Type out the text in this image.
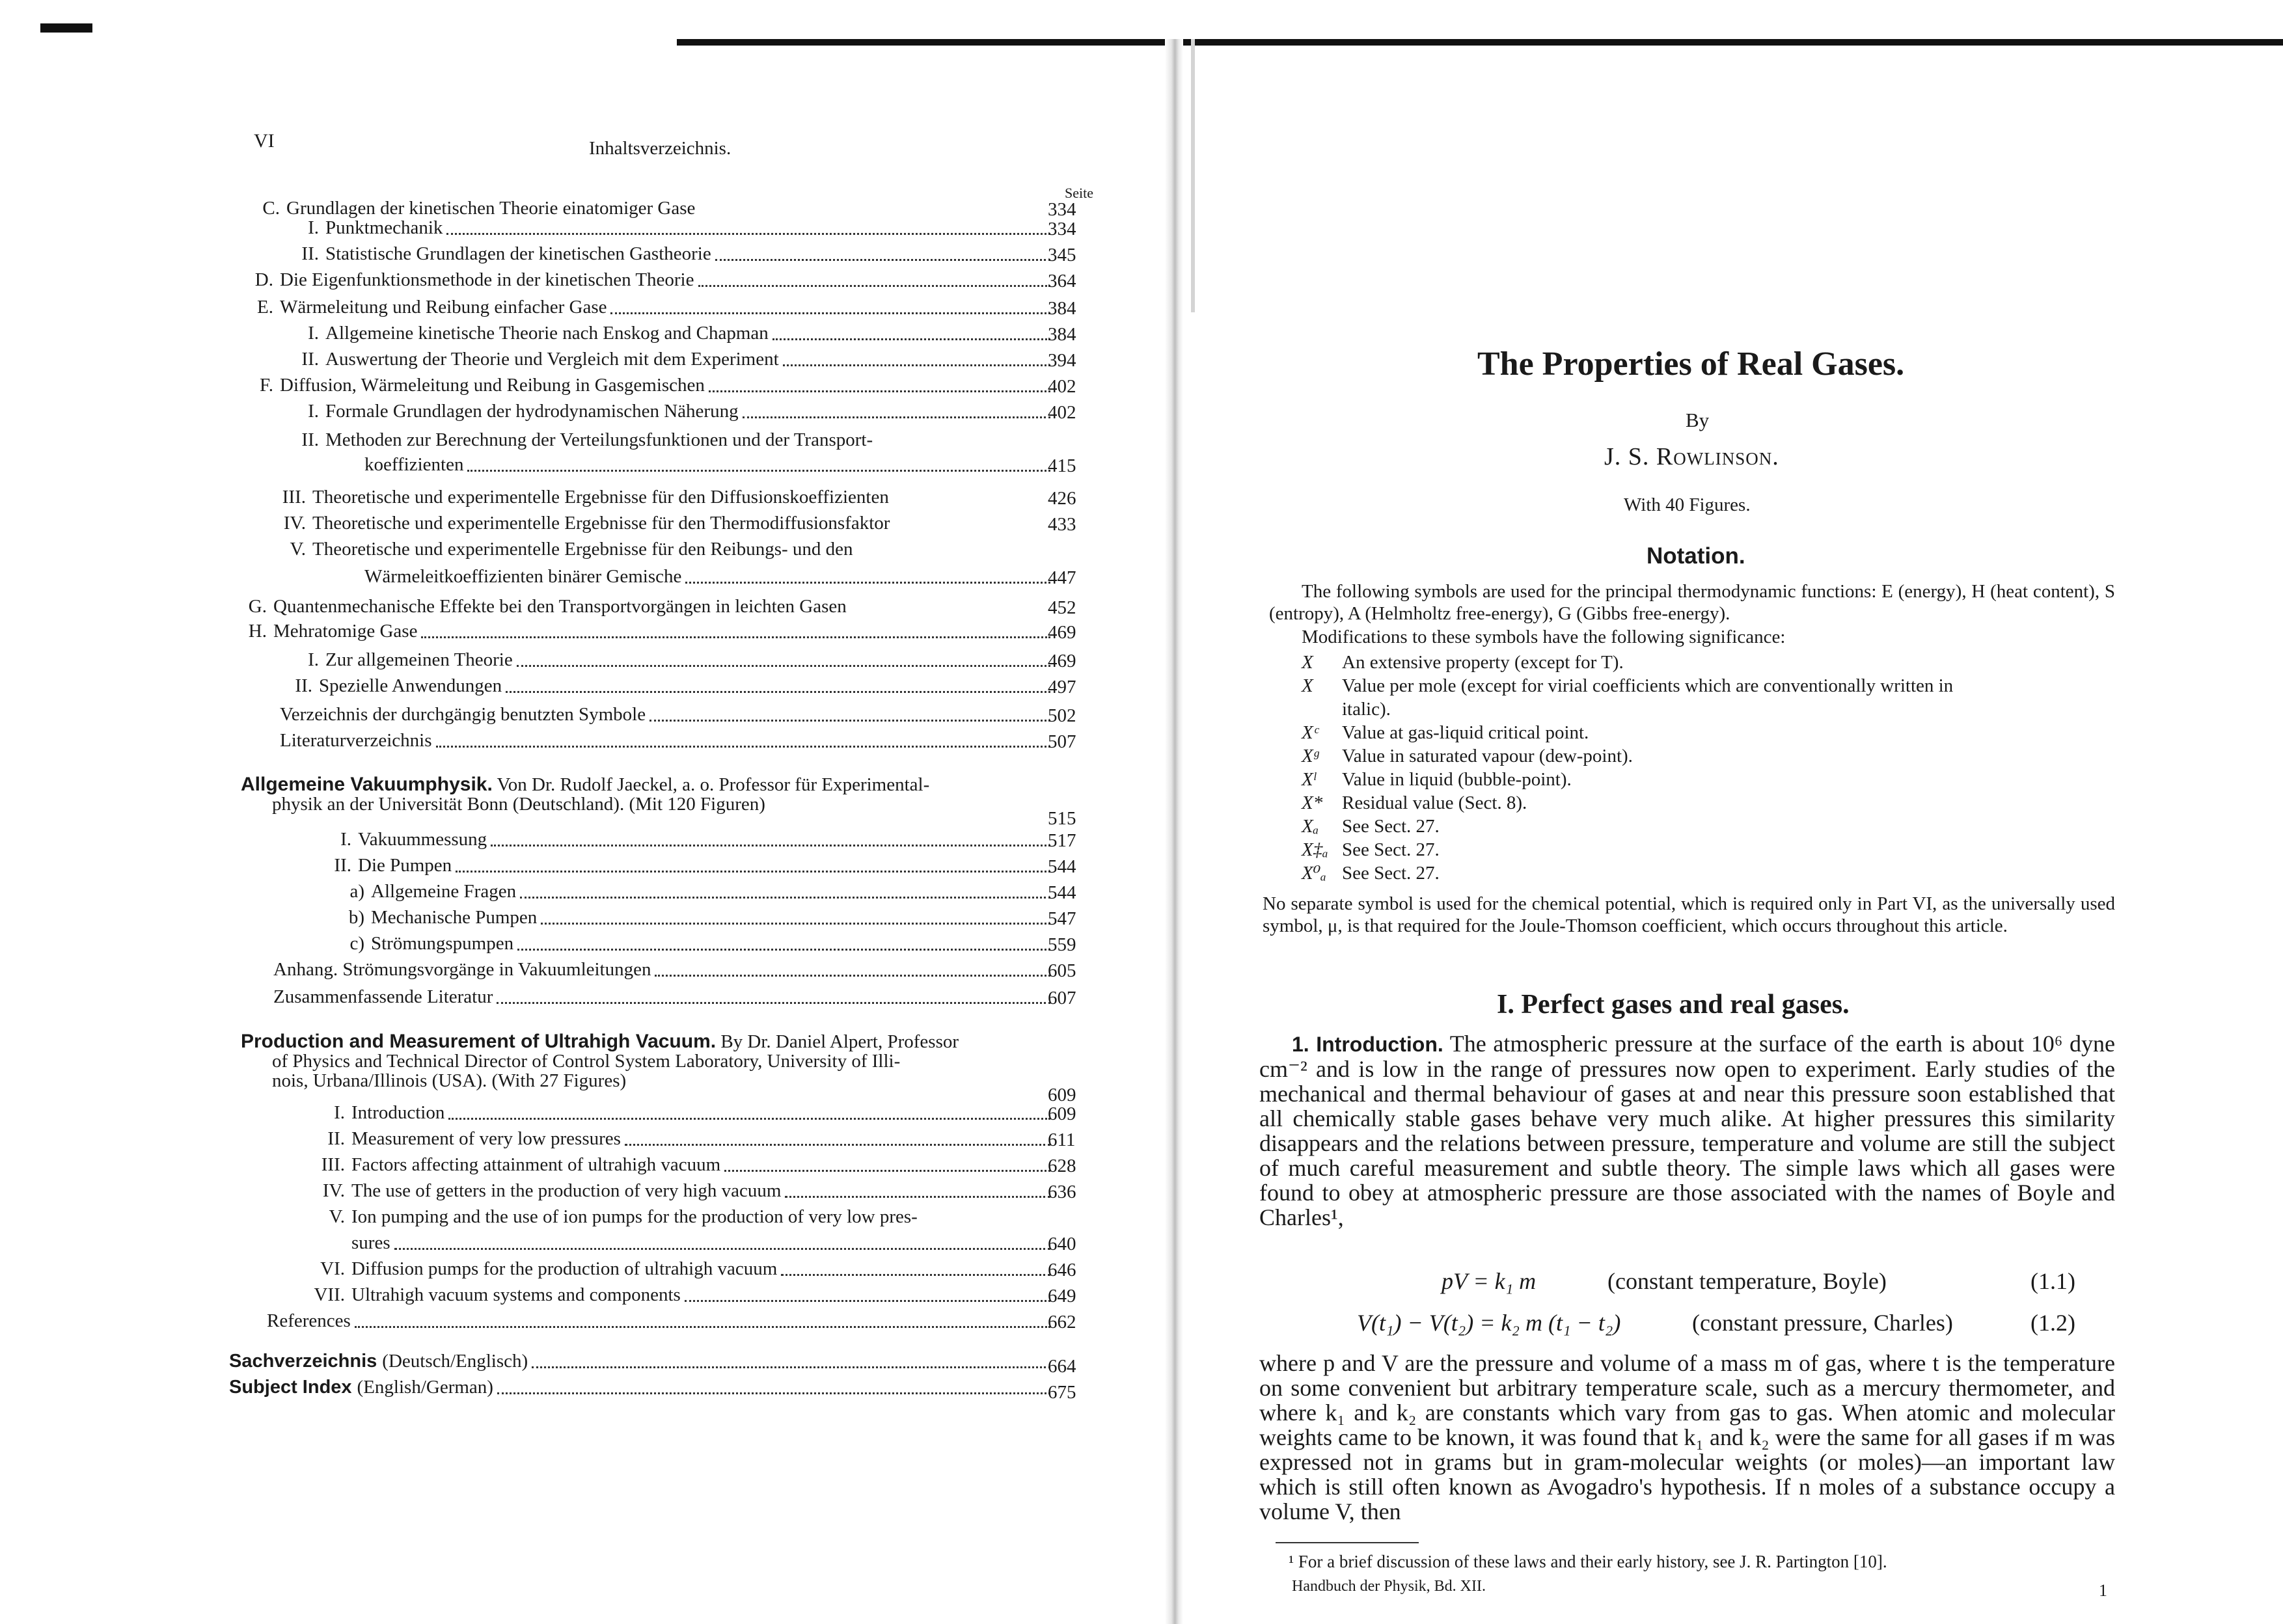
VI	Inhaltsverzeichnis.
Seite
C. Grundlagen der kinetischen Theorie einatomiger Gase	334
I. Punktmechanik	334
II. Statistische Grundlagen der kinetischen Gastheorie	345
D. Die Eigenfunktionsmethode in der kinetischen Theorie	364
E. Wärmeleitung und Reibung einfacher Gase	384
I. Allgemeine kinetische Theorie nach Enskog and Chapman	384
II. Auswertung der Theorie und Vergleich mit dem Experiment	394
F. Diffusion, Wärmeleitung und Reibung in Gasgemischen	402
I. Formale Grundlagen der hydrodynamischen Näherung	402
II. Methoden zur Berechnung der Verteilungsfunktionen und der Transport-
koeffizienten	415
III. Theoretische und experimentelle Ergebnisse für den Diffusionskoeffizienten	426
IV. Theoretische und experimentelle Ergebnisse für den Thermodiffusionsfaktor	433
V. Theoretische und experimentelle Ergebnisse für den Reibungs- und den
Wärmeleitkoeffizienten binärer Gemische	447
G. Quantenmechanische Effekte bei den Transportvorgängen in leichten Gasen	452
H. Mehratomige Gase	469
I. Zur allgemeinen Theorie	469
II. Spezielle Anwendungen	497
Verzeichnis der durchgängig benutzten Symbole	502
Literaturverzeichnis	507
Allgemeine Vakuumphysik. Von Dr. Rudolf Jaeckel, a. o. Professor für Experimental-
physik an der Universität Bonn (Deutschland). (Mit 120 Figuren)
515
I. Vakuummessung	517
II. Die Pumpen	544
a) Allgemeine Fragen	544
b) Mechanische Pumpen	547
c) Strömungspumpen	559
Anhang. Strömungsvorgänge in Vakuumleitungen	605
Zusammenfassende Literatur	607
Production and Measurement of Ultrahigh Vacuum. By Dr. Daniel Alpert, Professor
of Physics and Technical Director of Control System Laboratory, University of Illi-
nois, Urbana/Illinois (USA). (With 27 Figures)
609
I. Introduction	609
II. Measurement of very low pressures	611
III. Factors affecting attainment of ultrahigh vacuum	628
IV. The use of getters in the production of very high vacuum	636
V. Ion pumping and the use of ion pumps for the production of very low pres-
sures	640
VI. Diffusion pumps for the production of ultrahigh vacuum	646
VII. Ultrahigh vacuum systems and components	649
References	662
Sachverzeichnis (Deutsch/Englisch)	664
Subject Index (English/German)	675
The Properties of Real Gases.
By
J. S. Rowlinson.
With 40 Figures.
Notation.
The following symbols are used for the principal thermodynamic functions: E (energy), H (heat content), S (entropy), A (Helmholtz free-energy), G (Gibbs free-energy).
Modifications to these symbols have the following significance:
X An extensive property (except for T).
X Value per mole (except for virial coefficients which are conventionally written in
italic).
Xᶜ Value at gas-liquid critical point.
Xᵍ Value in saturated vapour (dew-point).
Xˡ Value in liquid (bubble-point).
X* Residual value (Sect. 8).
Xₐ See Sect. 27.
X‡ₐ See Sect. 27.
X⁰ₐ See Sect. 27.
No separate symbol is used for the chemical potential, which is required only in Part VI, as the universally used symbol, μ, is that required for the Joule-Thomson coefficient, which occurs throughout this article.
I. Perfect gases and real gases.
1. Introduction. The atmospheric pressure at the surface of the earth is about 10⁶ dyne cm⁻² and is low in the range of pressures now open to experiment. Early studies of the mechanical and thermal behaviour of gases at and near this pressure soon established that all chemically stable gases behave very much alike. At higher pressures this similarity disappears and the relations between pressure, temperature and volume are still the subject of much careful measurement and subtle theory. The simple laws which all gases were found to obey at atmospheric pressure are those associated with the names of Boyle and Charles¹,
pV = k₁ m	(constant temperature, Boyle)	(1.1)
V(t₁) − V(t₂) = k₂ m (t₁ − t₂)	(constant pressure, Charles)	(1.2)
where p and V are the pressure and volume of a mass m of gas, where t is the temperature on some convenient but arbitrary temperature scale, such as a mercury thermometer, and where k₁ and k₂ are constants which vary from gas to gas. When atomic and molecular weights came to be known, it was found that k₁ and k₂ were the same for all gases if m was expressed not in grams but in gram-molecular weights (or moles)—an important law which is still often known as Avogadro's hypothesis. If n moles of a substance occupy a volume V, then
¹ For a brief discussion of these laws and their early history, see J. R. Partington [10].
Handbuch der Physik, Bd. XII.	1
